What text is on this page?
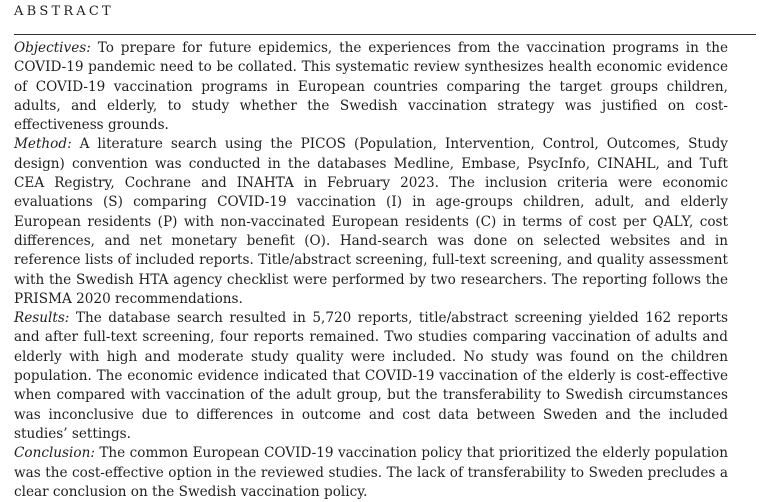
ABSTRACT

Objectives: To prepare for future epidemics, the experiences from the vaccination programs in the COVID-19 pandemic need to be collated. This systematic review synthesizes health economic evidence of COVID-19 vaccination programs in European countries comparing the target groups children, adults, and elderly, to study whether the Swedish vaccination strategy was justified on cost-effectiveness grounds.

Method: A literature search using the PICOS (Population, Intervention, Control, Outcomes, Study design) convention was conducted in the databases Medline, Embase, PsycInfo, CINAHL, and Tuft CEA Registry, Cochrane and INAHTA in February 2023. The inclusion criteria were economic evaluations (S) comparing COVID-19 vaccination (I) in age-groups children, adult, and elderly European residents (P) with non-vaccinated European residents (C) in terms of cost per QALY, cost differences, and net monetary benefit (O). Hand-search was done on selected websites and in reference lists of included reports. Title/abstract screening, full-text screening, and quality assessment with the Swedish HTA agency checklist were performed by two researchers. The reporting follows the PRISMA 2020 recommendations.

Results: The database search resulted in 5,720 reports, title/abstract screening yielded 162 reports and after full-text screening, four reports remained. Two studies comparing vaccination of adults and elderly with high and moderate study quality were included. No study was found on the children population. The economic evidence indicated that COVID-19 vaccination of the elderly is cost-effective when compared with vaccination of the adult group, but the transferability to Swedish circumstances was inconclusive due to differences in outcome and cost data between Sweden and the included studies’ settings.

Conclusion: The common European COVID-19 vaccination policy that prioritized the elderly population was the cost-effective option in the reviewed studies. The lack of transferability to Sweden precludes a clear conclusion on the Swedish vaccination policy.
